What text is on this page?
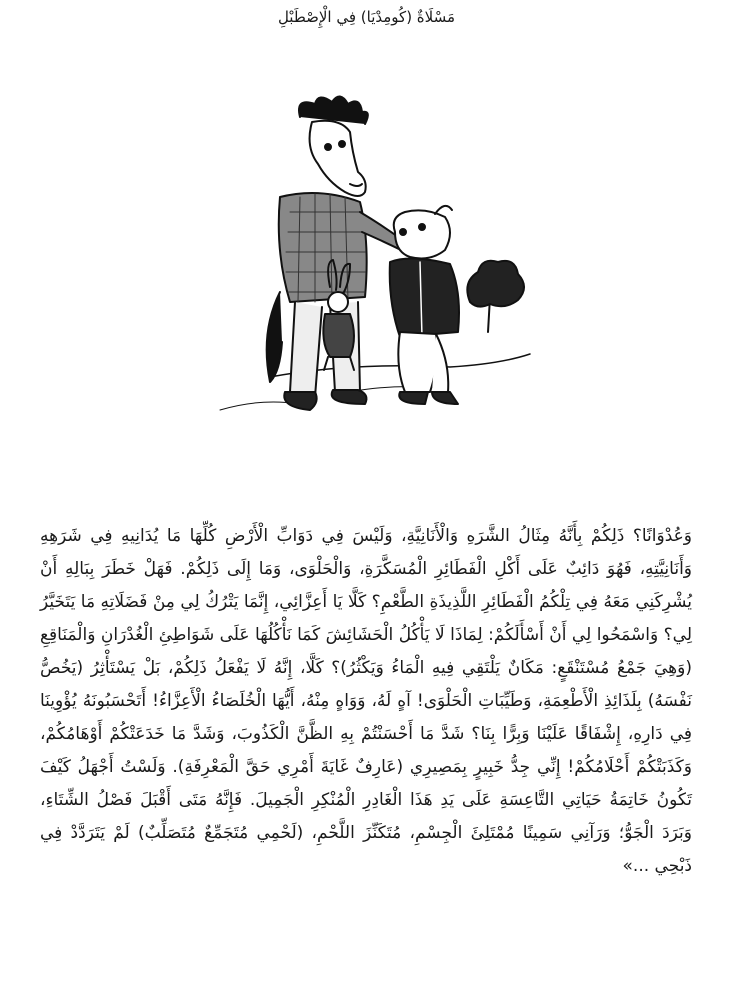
مَسْلَاةٌ (كُومِدْيَا) فِي الْإِصْطَبْلِ

وَعُدْوَانًا؟ ذَلِكُمْ بِأَنَّهُ مِثَالُ الشَّرَهِ وَالْأَنَانِيَّةِ، وَلَيْسَ فِي دَوَابِّ الْأَرْضِ كُلِّهَا مَا يُدَانِيهِ فِي شَرَهِهِ وَأَنَانِيَّتِهِ، فَهُوَ دَائِبٌ عَلَى أَكْلِ الْفَطَائِرِ الْمُسَكَّرَةِ، وَالْحَلْوَى، وَمَا إِلَى ذَلِكُمْ. فَهَلْ خَطَرَ بِبَالِهِ أَنْ يُشْرِكَنِي مَعَهُ فِي تِلْكُمُ الْفَطَائِرِ اللَّذِيذَةِ الطَّعْمِ؟ كَلَّا يَا أَعِزَّائِي، إِنَّمَا يَتْرُكُ لِي مِنْ فَضَلَاتِهِ مَا يَتَخَيَّرُ لِي؟ وَاسْمَحُوا لِي أَنْ أَسْأَلَكُمْ: لِمَاذَا لَا يَأْكُلُ الْحَشَائِشَ كَمَا نَأْكُلُهَا عَلَى شَوَاطِئِ الْغُدْرَانِ وَالْمَنَاقِعِ (وَهِيَ جَمْعُ مُسْتَنْقَعٍ: مَكَانٌ يَلْتَقِي فِيهِ الْمَاءُ وَيَكْثُرُ)؟ كَلَّا، إِنَّهُ لَا يَفْعَلُ ذَلِكُمْ، بَلْ يَسْتَأْثِرُ (يَخُصُّ نَفْسَهُ) بِلَذَائِذِ الْأَطْعِمَةِ، وَطَيِّبَاتِ الْحَلْوَى! آهٍ لَهُ، وَوَاهٍ مِنْهُ، أَيُّهَا الْخُلَصَاءُ الْأَعِزَّاءُ! أَتَحْسَبُونَهُ يُؤْوِينَا فِي دَارِهِ، إِشْفَاقًا عَلَيْنَا وَبِرًّا بِنَا؟ شَدَّ مَا أَحْسَنْتُمْ بِهِ الظَّنَّ الْكَذُوبَ، وَشَدَّ مَا خَدَعَتْكُمْ أَوْهَامُكُمْ، وَكَذَبَتْكُمْ أَحْلَامُكُمْ! إِنِّي جِدُّ خَبِيرٍ بِمَصِيرِي (عَارِفٌ غَايَةَ أَمْرِي حَقَّ الْمَعْرِفَةِ). وَلَسْتُ أَجْهَلُ كَيْفَ تَكُونُ خَاتِمَةُ حَيَاتِي التَّاعِسَةِ عَلَى يَدِ هَذَا الْغَادِرِ الْمُنْكِرِ الْجَمِيلَ. فَإِنَّهُ مَتَى أَقْبَلَ فَصْلُ الشِّتَاءِ، وَبَرَدَ الْجَوُّ؛ وَرَآنِي سَمِينًا مُمْتَلِئَ الْجِسْمِ، مُتَكَنِّزَ اللَّحْمِ، (لَحْمِي مُتَجَمِّعٌ مُتَصَلِّبٌ) لَمْ يَتَرَدَّدْ فِي ذَبْحِي ...»
